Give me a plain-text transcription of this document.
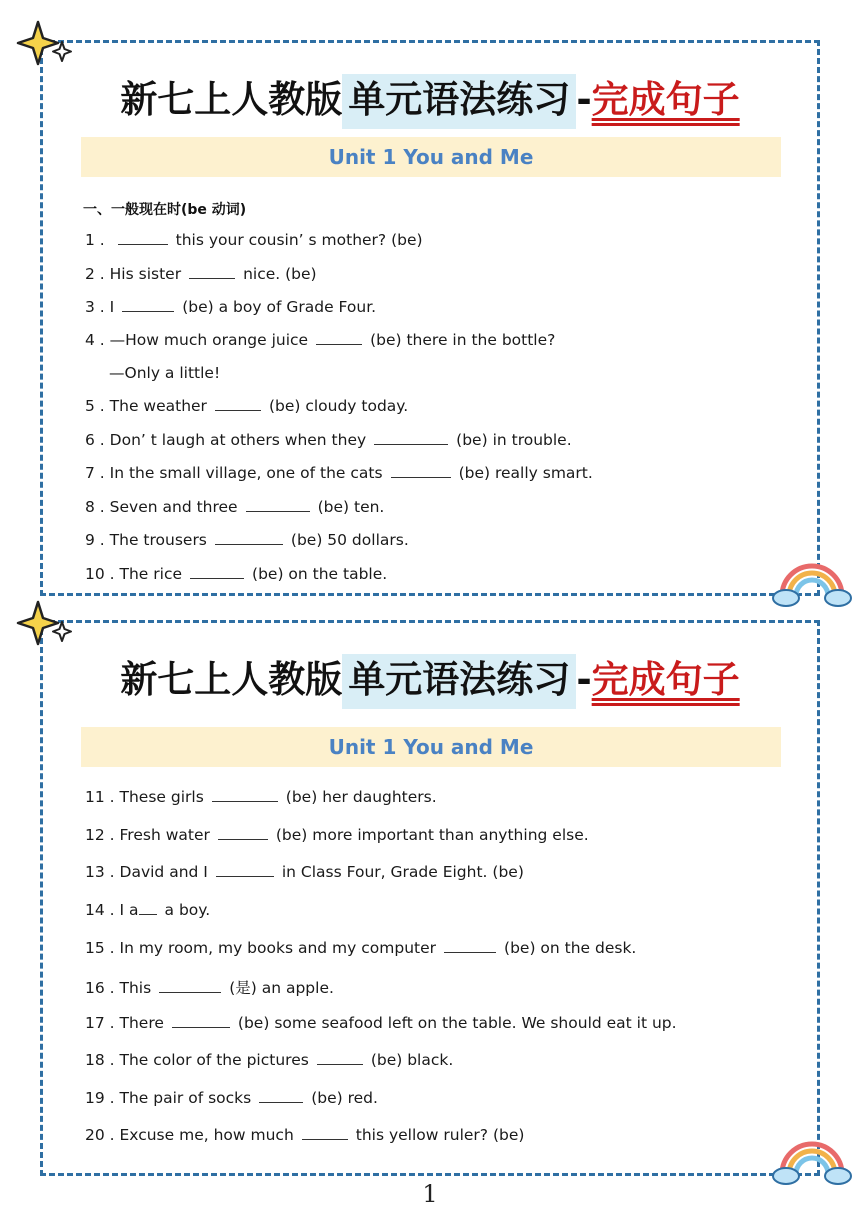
新七上人教版 单元语法练习 -完成句子
Unit 1 You and Me
一、一般现在时(be 动词)
1 .	this your cousin’ s mother? (be)
2 . His sister	nice. (be)
3 . I	(be) a boy of Grade Four.
4 . —How much orange juice	(be) there in the bottle?
—Only a little!
5 . The weather	(be) cloudy today.
6 . Don’ t laugh at others when they	(be) in trouble.
7 . In the small village, one of the cats	(be) really smart.
8 . Seven and three	(be) ten.
9 . The trousers	(be) 50 dollars.
10 . The rice	(be) on the table.
新七上人教版 单元语法练习 -完成句子
Unit 1 You and Me
11 . These girls	(be) her daughters.
12 . Fresh water	(be) more important than anything else.
13 . David and I	in Class Four, Grade Eight. (be)
14 . I a a boy.
15 . In my room, my books and my computer	(be) on the desk.
16 . This	(是) an apple.
17 . There	(be) some seafood left on the table. We should eat it up.
18 . The color of the pictures	(be) black.
19 . The pair of socks	(be) red.
20 . Excuse me, how much	this yellow ruler? (be)
1
